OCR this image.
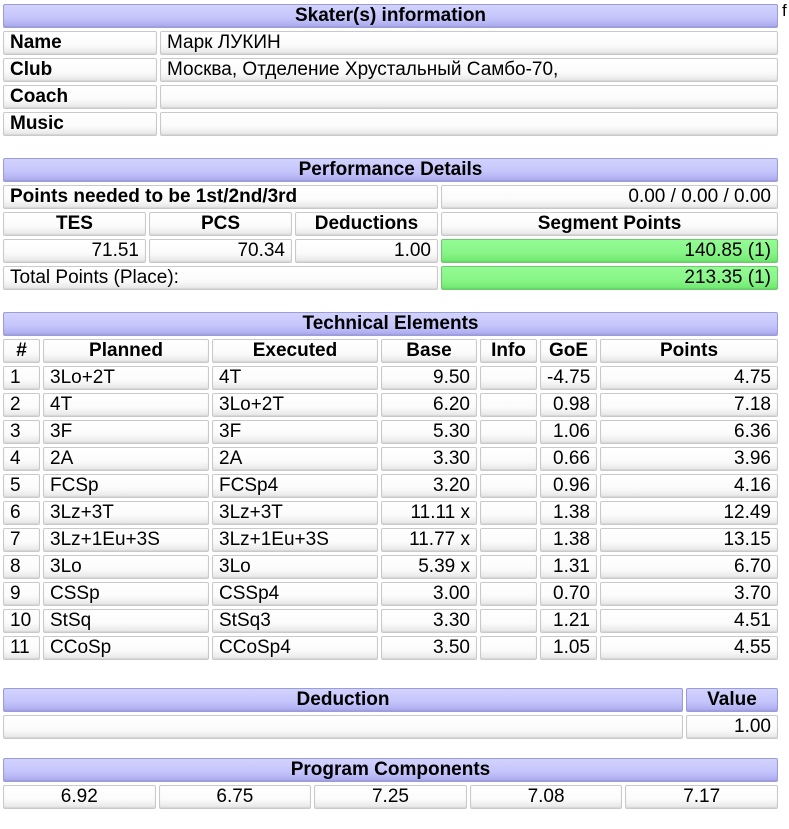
f
Skater(s) information	
Name	Марк ЛУКИН
Club	Москва, Отделение Хрустальный Самбо-70,
Coach	
Music	
Performance Details			
Points needed to be 1st/2nd/3rd			0.00 / 0.00 / 0.00
TES	PCS	Deductions	Segment Points
71.51	70.34	1.00	140.85 (1)
Total Points (Place):			213.35 (1)
Technical Elements						
#	Planned	Executed	Base	Info	GoE	Points
1	3Lo+2T	4T	9.50		-4.75	4.75
2	4T	3Lo+2T	6.20		0.98	7.18
3	3F	3F	5.30		1.06	6.36
4	2A	2A	3.30		0.66	3.96
5	FCSp	FCSp4	3.20		0.96	4.16
6	3Lz+3T	3Lz+3T	11.11 x		1.38	12.49
7	3Lz+1Eu+3S	3Lz+1Eu+3S	11.77 x		1.38	13.15
8	3Lo	3Lo	5.39 x		1.31	6.70
9	CSSp	CSSp4	3.00		0.70	3.70
10	StSq	StSq3	3.30		1.21	4.51
11	CCoSp	CCoSp4	3.50		1.05	4.55
Deduction	Value
	1.00
Program Components
6.92	6.75	7.25	7.08	7.17
